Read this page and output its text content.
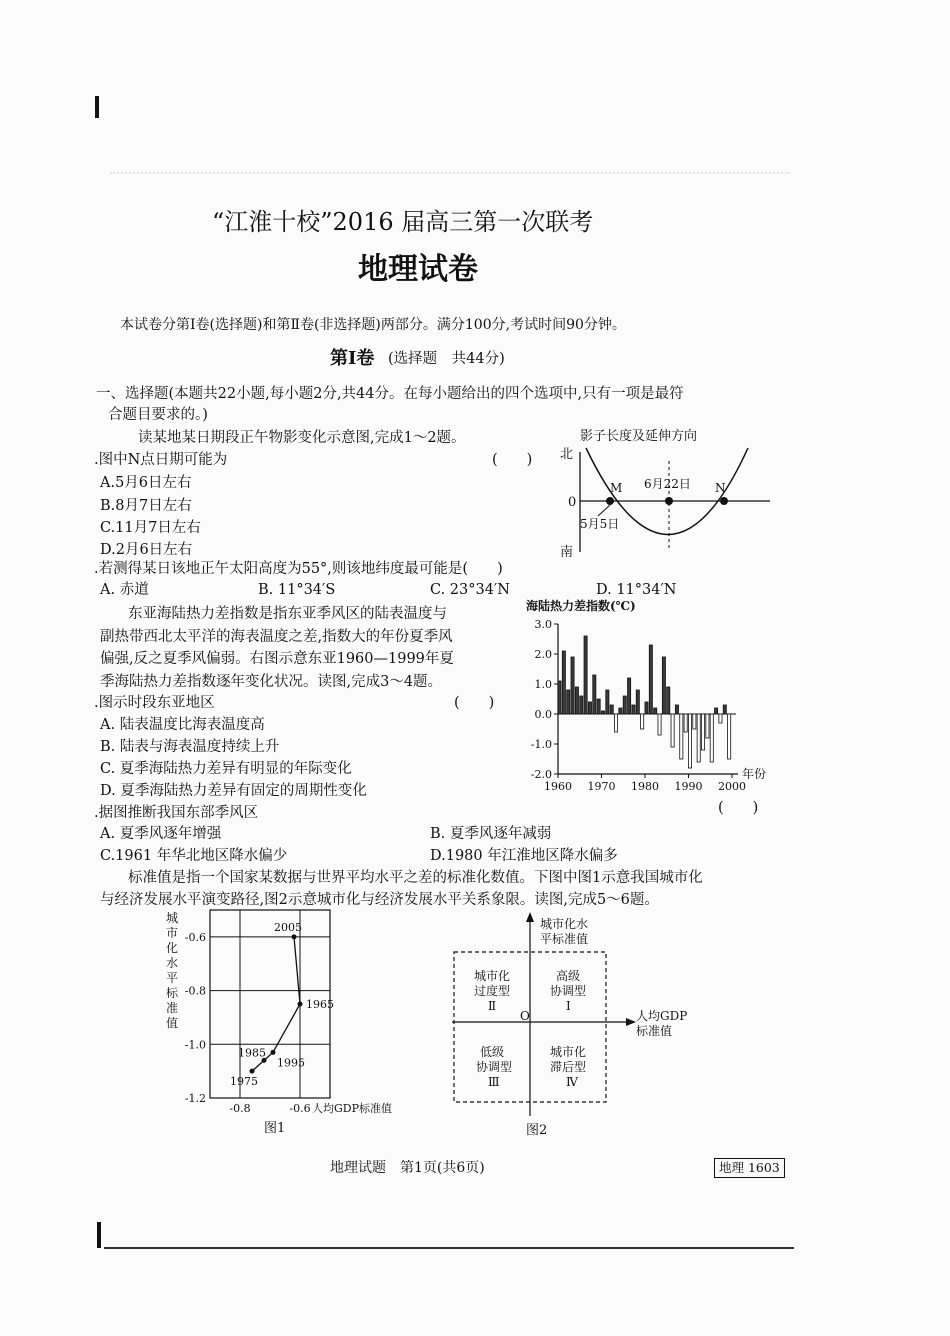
“江淮十校”2016 届高三第一次联考
地理试卷
本试卷分第Ⅰ卷(选择题)和第Ⅱ卷(非选择题)两部分。满分100分,考试时间90分钟。
第Ⅰ卷 (选择题　共44分)
一、选择题(本题共22小题,每小题2分,共44分。在每小题给出的四个选项中,只有一项是最符
合题目要求的。)
读某地某日期段正午物影变化示意图,完成1～2题。
.图中N点日期可能为	(　　)
A.5月6日左右
B.8月7日左右
C.11月7日左右
D.2月6日左右
.若测得某日该地正午太阳高度为55°,则该地纬度最可能是(　　)
A. 赤道	B. 11°34′S	C. 23°34′N	D. 11°34′N
影子长度及延伸方向
北
南
0
M	N
6月22日
5月5日
东亚海陆热力差指数是指东亚季风区的陆表温度与
副热带西北太平洋的海表温度之差,指数大的年份夏季风
偏强,反之夏季风偏弱。右图示意东亚1960—1999年夏
季海陆热力差指数逐年变化状况。读图,完成3～4题。
.图示时段东亚地区	(　　)
A. 陆表温度比海表温度高
B. 陆表与海表温度持续上升
C. 夏季海陆热力差异有明显的年际变化
D. 夏季海陆热力差异有固定的周期性变化
.据图推断我国东部季风区	(　　)
A. 夏季风逐年增强	B. 夏季风逐年减弱
C.1961 年华北地区降水偏少	D.1980 年江淮地区降水偏多
海陆热力差指数(℃)
3.0
2.0
1.0
0.0
-1.0
-2.0
1960 1970 1980 1990 2000
年份
标准值是指一个国家某数据与世界平均水平之差的标准化数值。下图中图1示意我国城市化
与经济发展水平演变路径,图2示意城市化与经济发展水平关系象限。读图,完成5～6题。
-0.6
-0.8
-1.0
-1.2
-0.8	-0.6 人均GDP标准值
城
市
化
水
平
标
准
值
1975
1985
1995
1965
2005
图1
城市化水
平标准值
人均GDP
标准值
O
城市化
过度型
Ⅱ
高级
协调型
Ⅰ
低级
协调型
Ⅲ
城市化
滞后型
Ⅳ
图2
地理试题　第1页(共6页)	地理 1603
